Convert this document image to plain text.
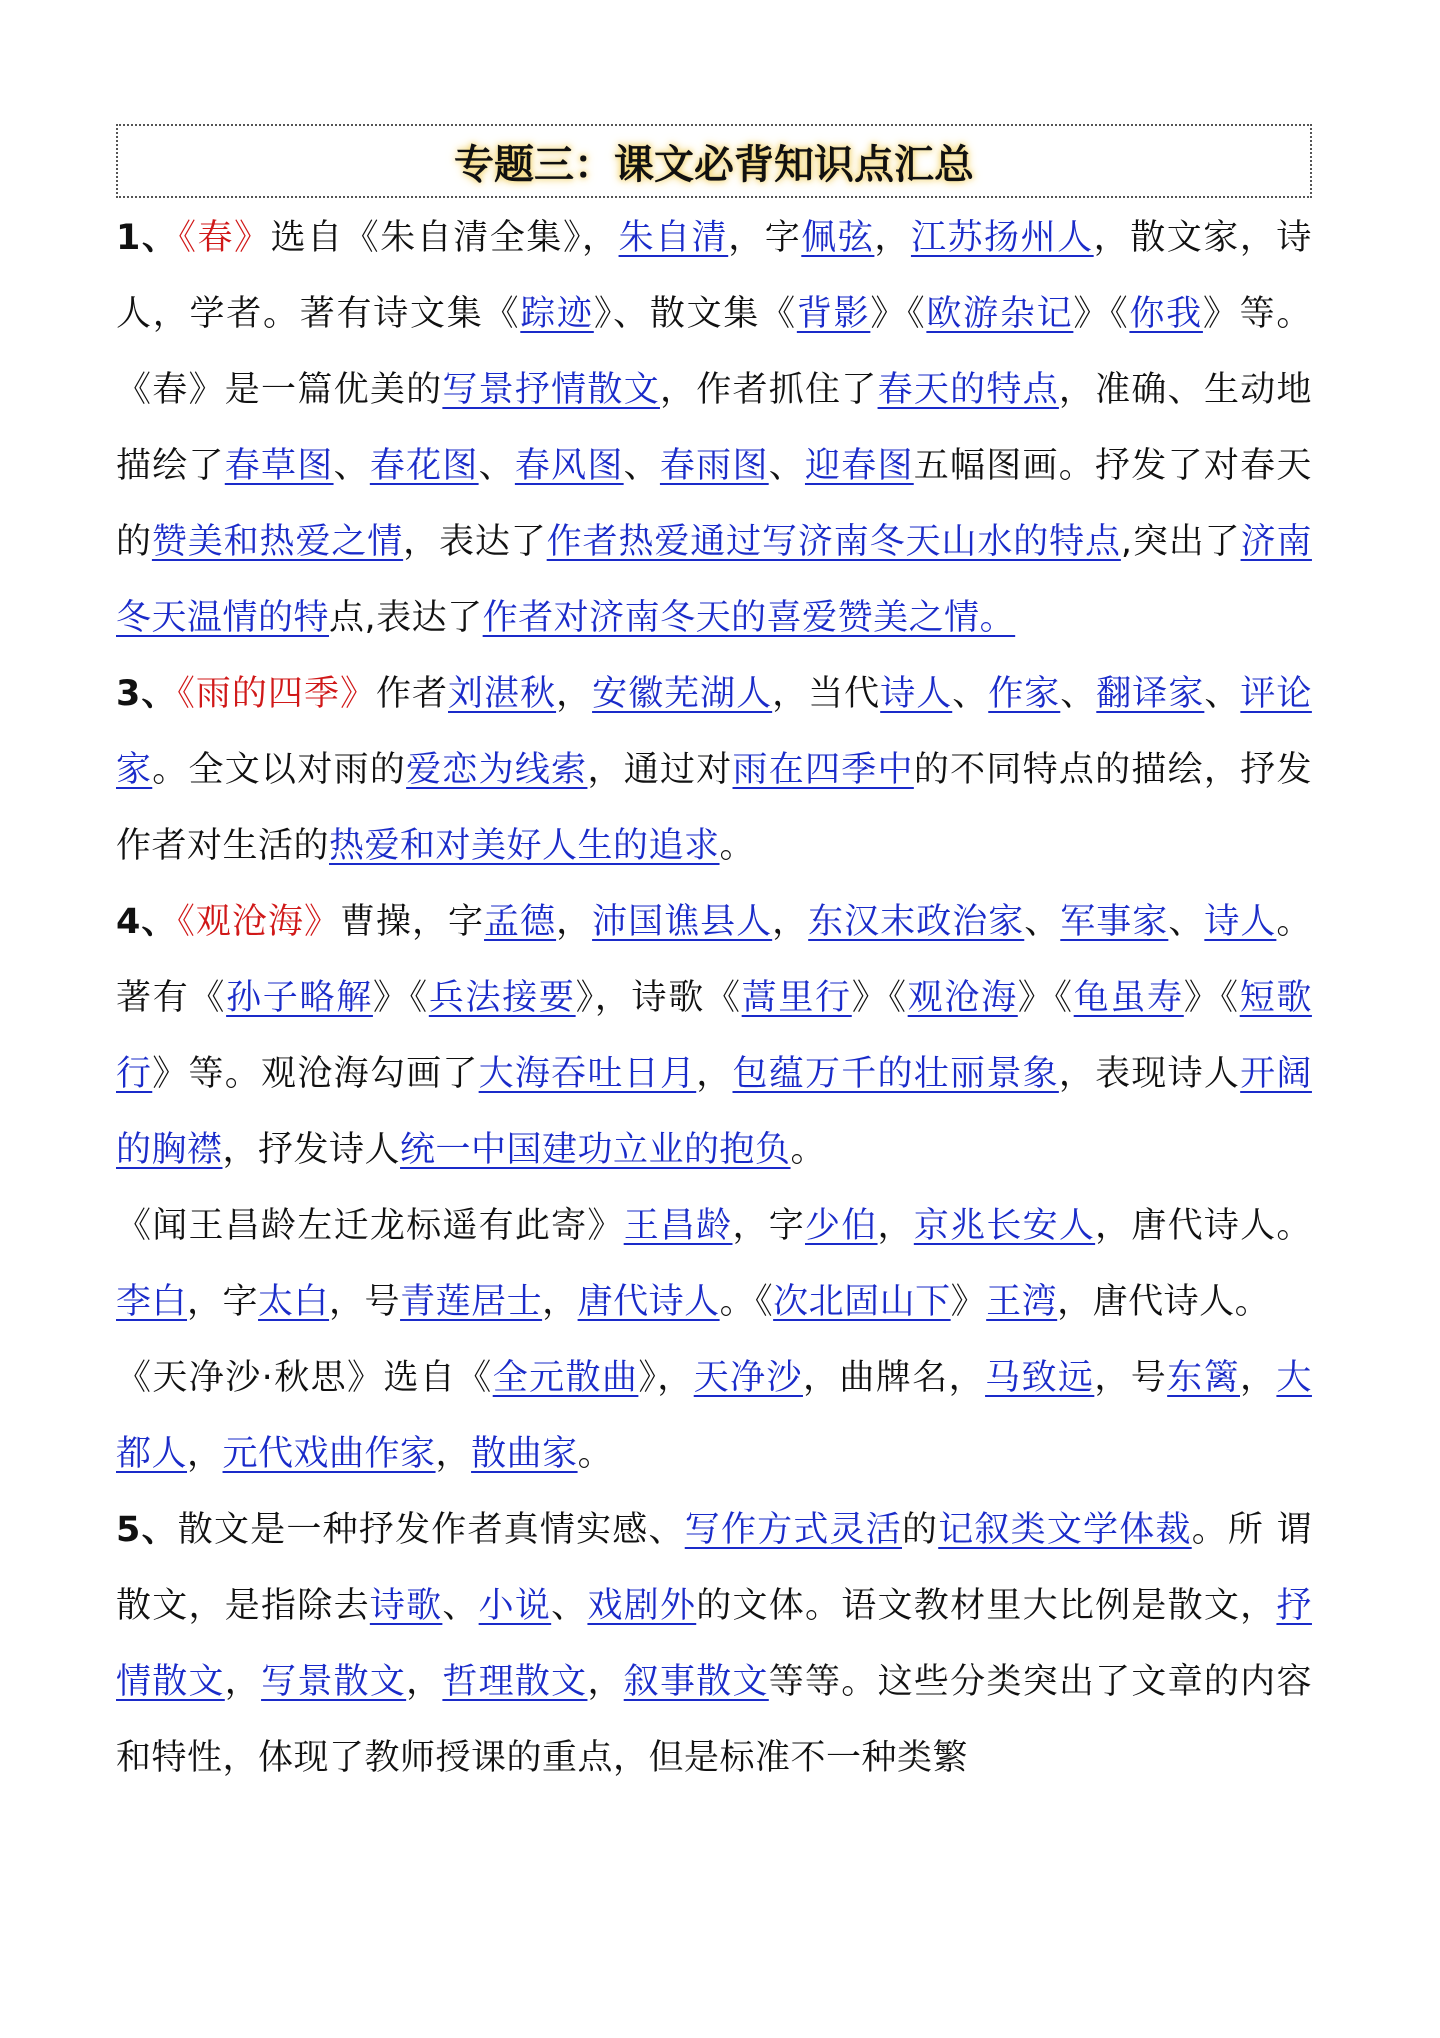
专题三：课文必背知识点汇总

1、《春》选自《朱自清全集》，朱自清，字佩弦，江苏扬州人，散文家，诗人，学者。著有诗文集《踪迹》、散文集《背影》《欧游杂记》《你我》等。《春》是一篇优美的写景抒情散文，作者抓住了春天的特点，准确、生动地描绘了春草图、春花图、春风图、春雨图、迎春图五幅图画。抒发了对春天的赞美和热爱之情，表达了作者热爱通过写济南冬天山水的特点,突出了济南冬天温情的特点,表达了作者对济南冬天的喜爱赞美之情。

3、《雨的四季》作者刘湛秋，安徽芜湖人，当代诗人、作家、翻译家、评论家。全文以对雨的爱恋为线索，通过对雨在四季中的不同特点的描绘，抒发作者对生活的热爱和对美好人生的追求。

4、《观沧海》曹操，字孟德，沛国谯县人，东汉末政治家、军事家、诗人。著有《孙子略解》《兵法接要》，诗歌《蒿里行》《观沧海》《龟虽寿》《短歌行》等。观沧海勾画了大海吞吐日月，包蕴万千的壮丽景象，表现诗人开阔的胸襟，抒发诗人统一中国建功立业的抱负。

《闻王昌龄左迁龙标遥有此寄》王昌龄，字少伯，京兆长安人，唐代诗人。李白，字太白，号青莲居士，唐代诗人。《次北固山下》王湾，唐代诗人。

《天净沙·秋思》选自《全元散曲》，天净沙，曲牌名，马致远，号东篱，大都人，元代戏曲作家，散曲家。

5、散文是一种抒发作者真情实感、写作方式灵活的记叙类文学体裁。所 谓散文，是指除去诗歌、小说、戏剧外的文体。语文教材里大比例是散文，抒情散文，写景散文，哲理散文，叙事散文等等。这些分类突出了文章的内容和特性，体现了教师授课的重点，但是标准不一种类繁
